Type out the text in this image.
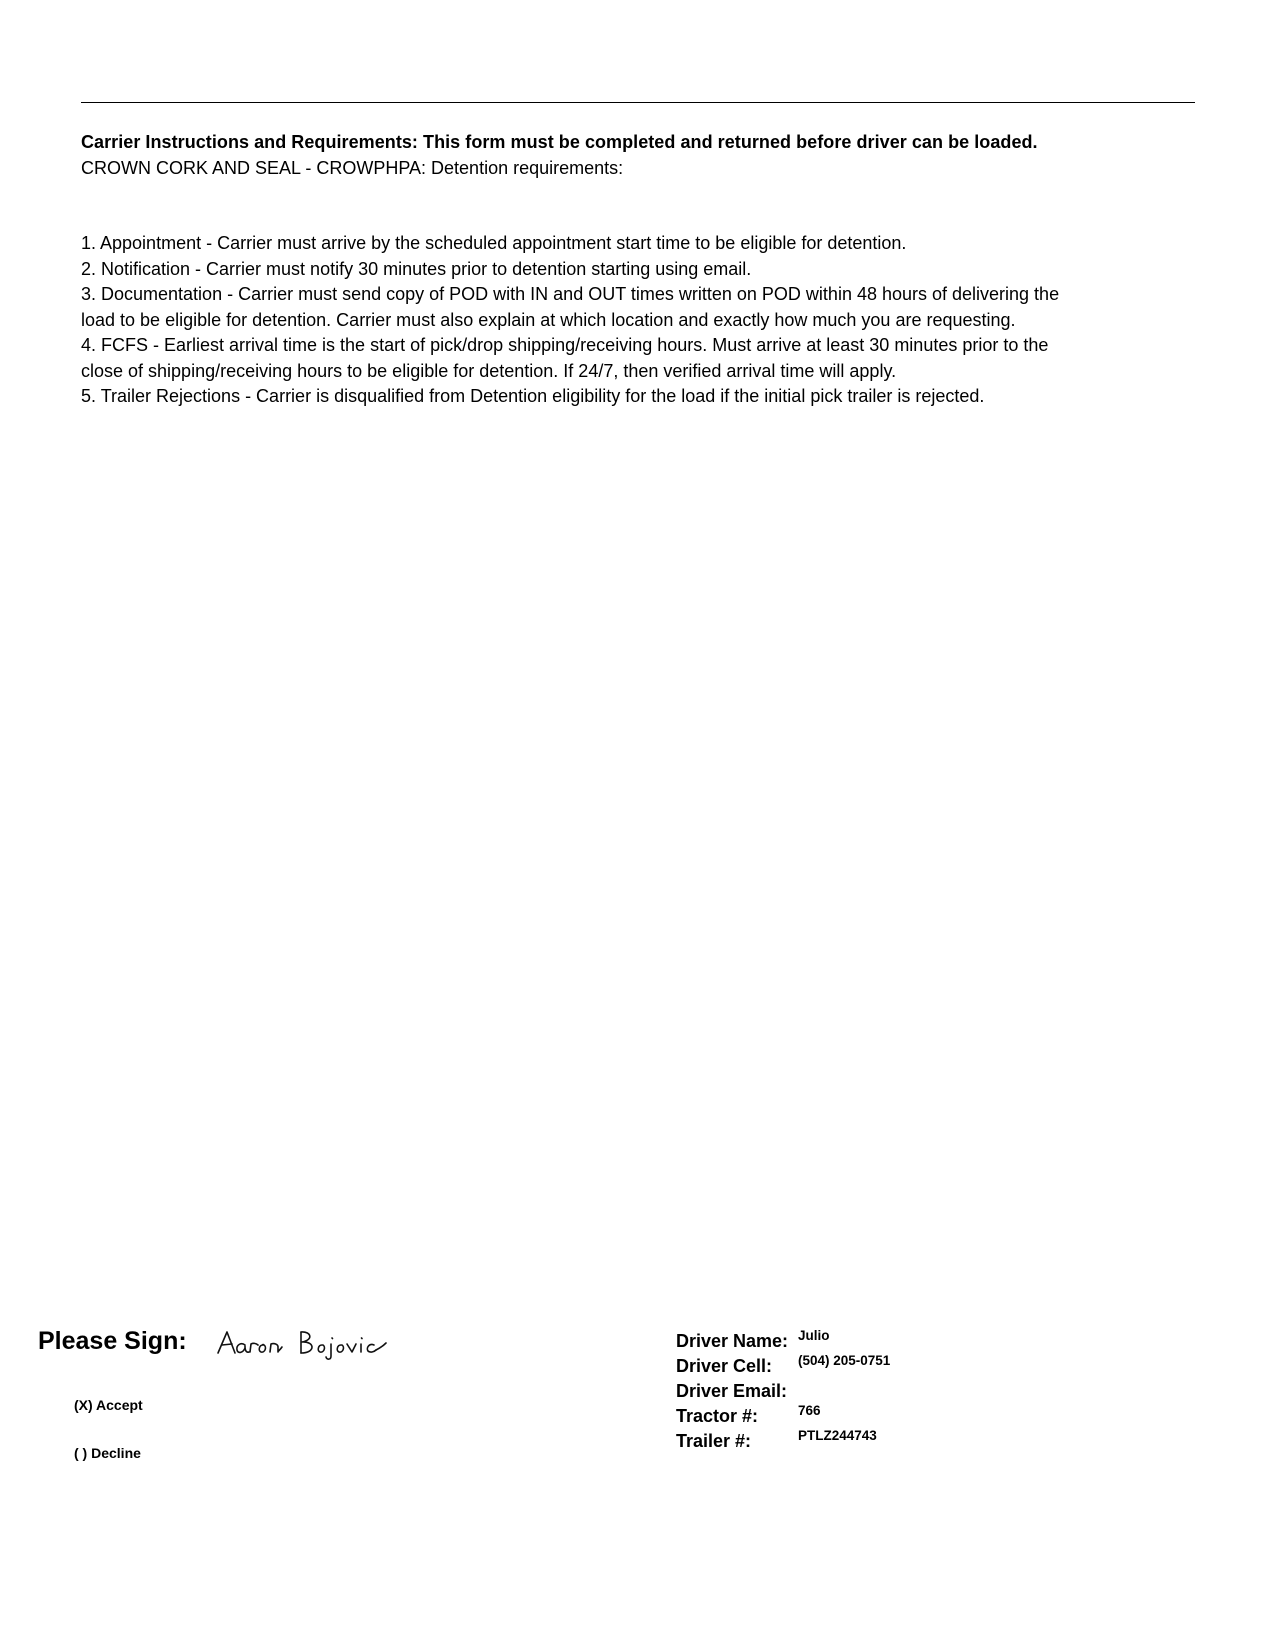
Carrier Instructions and Requirements: This form must be completed and returned before driver can be loaded.

CROWN CORK AND SEAL - CROWPHPA: Detention requirements:

1. Appointment - Carrier must arrive by the scheduled appointment start time to be eligible for detention.
2. Notification - Carrier must notify 30 minutes prior to detention starting using email.
3. Documentation - Carrier must send copy of POD with IN and OUT times written on POD within 48 hours of delivering the load to be eligible for detention. Carrier must also explain at which location and exactly how much you are requesting.
4. FCFS - Earliest arrival time is the start of pick/drop shipping/receiving hours. Must arrive at least 30 minutes prior to the close of shipping/receiving hours to be eligible for detention. If 24/7, then verified arrival time will apply.
5. Trailer Rejections - Carrier is disqualified from Detention eligibility for the load if the initial pick trailer is rejected.
Please Sign:
(X) Accept
( ) Decline
Driver Name: Julio
Driver Cell: (504) 205-0751
Driver Email:
Tractor #:	766
Trailer #:	PTLZ244743
